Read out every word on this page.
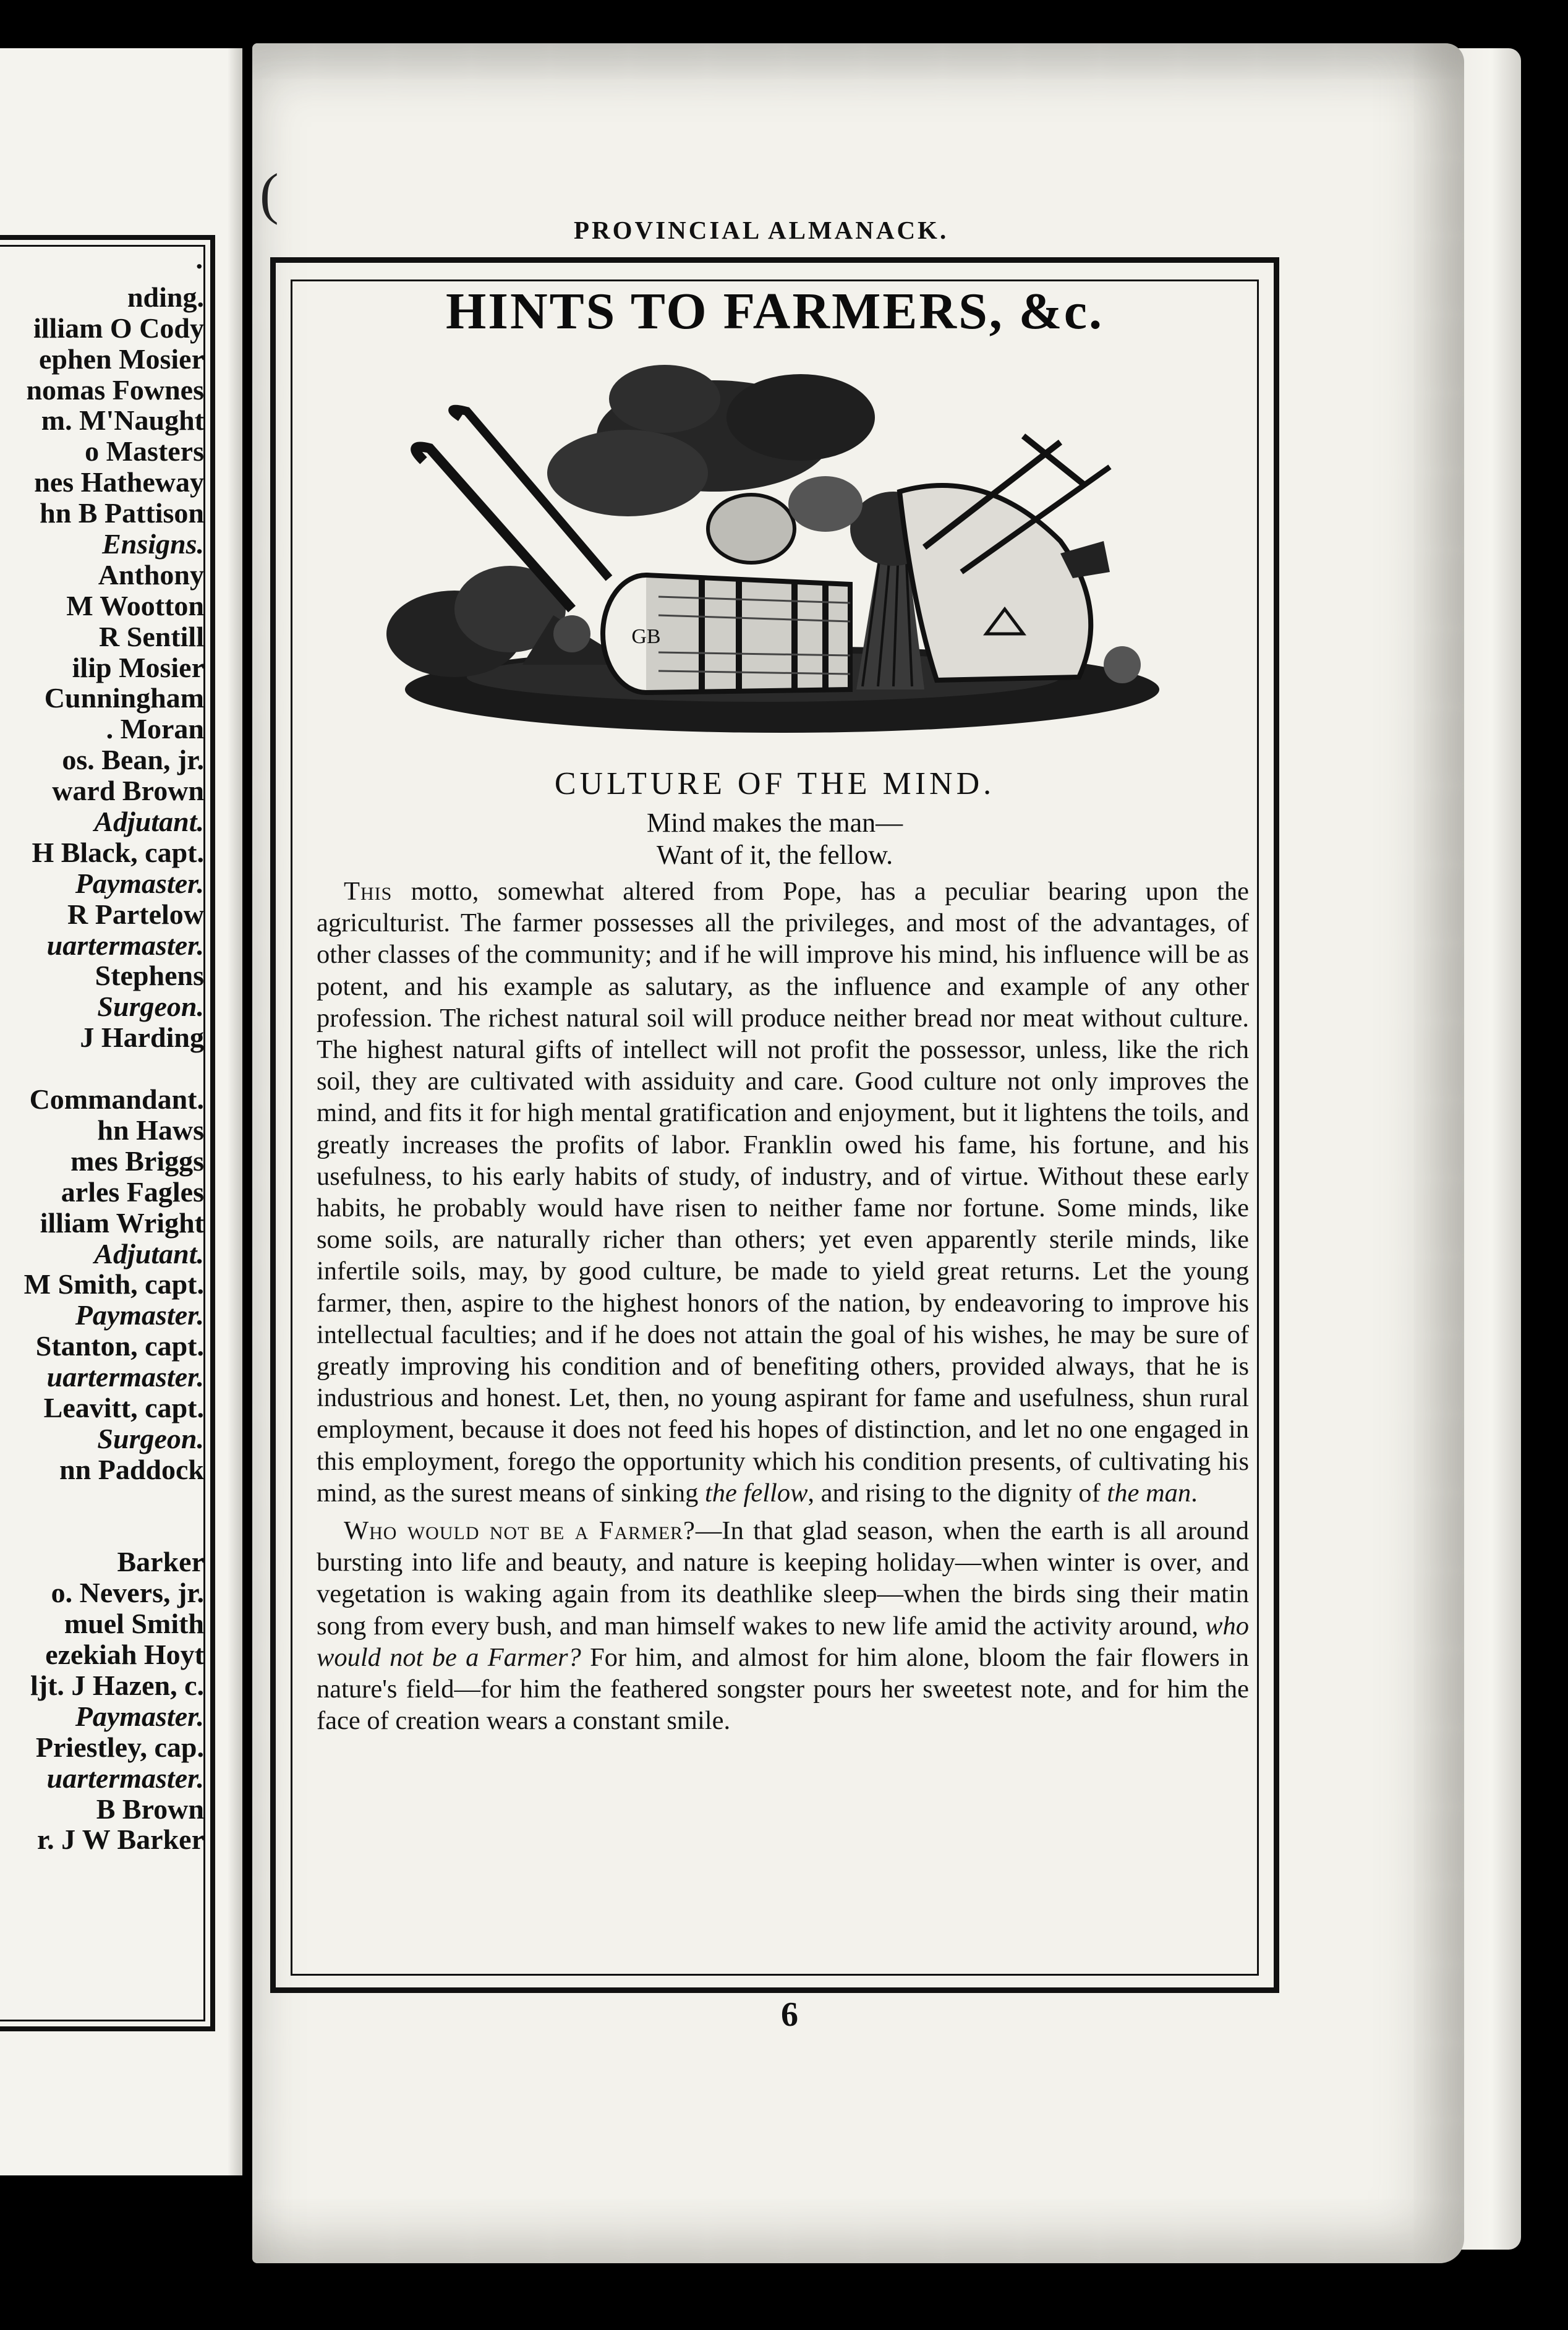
·
nding.
illiam O Cody
ephen Mosier
nomas Fownes
m. M'Naught
o Masters
nes Hatheway
hn B Pattison
Ensigns.
Anthony
M Wootton
R Sentill
ilip Mosier
Cunningham
. Moran
os. Bean, jr.
ward Brown
Adjutant.
H Black, capt.
Paymaster.
R Partelow
uartermaster.
Stephens
Surgeon.
J Harding
Commandant.
hn Haws
mes Briggs
arles Fagles
illiam Wright
Adjutant.
M Smith, capt.
Paymaster.
Stanton, capt.
uartermaster.
Leavitt, capt.
Surgeon.
nn Paddock
Barker
o. Nevers, jr.
muel Smith
ezekiah Hoyt
ljt. J Hazen, c.
Paymaster.
Priestley, cap.
uartermaster.
B Brown
r. J W Barker
(
PROVINCIAL ALMANACK.
HINTS TO FARMERS, &c.
GB
CULTURE OF THE MIND.
Mind makes the man—
Want of it, the fellow.

This motto, somewhat altered from Pope, has a peculiar bearing upon the agriculturist. The farmer possesses all the privileges, and most of the advantages, of other classes of the community; and if he will improve his mind, his influence will be as potent, and his example as salutary, as the influence and example of any other profession. The richest natural soil will produce neither bread nor meat without culture. The highest natural gifts of intellect will not profit the possessor, unless, like the rich soil, they are cultivated with assiduity and care. Good culture not only improves the mind, and fits it for high mental gratification and enjoyment, but it lightens the toils, and greatly increases the profits of labor. Franklin owed his fame, his fortune, and his usefulness, to his early habits of study, of industry, and of virtue. Without these early habits, he probably would have risen to neither fame nor fortune. Some minds, like some soils, are naturally richer than others; yet even apparently sterile minds, like infertile soils, may, by good culture, be made to yield great returns. Let the young farmer, then, aspire to the highest honors of the nation, by endeavoring to improve his intellectual faculties; and if he does not attain the goal of his wishes, he may be sure of greatly improving his condition and of benefiting others, provided always, that he is industrious and honest. Let, then, no young aspirant for fame and usefulness, shun rural employment, because it does not feed his hopes of distinction, and let no one engaged in this employment, forego the opportunity which his condition presents, of cultivating his mind, as the surest means of sinking the fellow, and rising to the dignity of the man.

Who would not be a Farmer?—In that glad season, when the earth is all around bursting into life and beauty, and nature is keeping holiday—when winter is over, and vegetation is waking again from its deathlike sleep—when the birds sing their matin song from every bush, and man himself wakes to new life amid the activity around, who would not be a Farmer? For him, and almost for him alone, bloom the fair flowers in nature's field—for him the feathered songster pours her sweetest note, and for him the face of creation wears a constant smile.

6
